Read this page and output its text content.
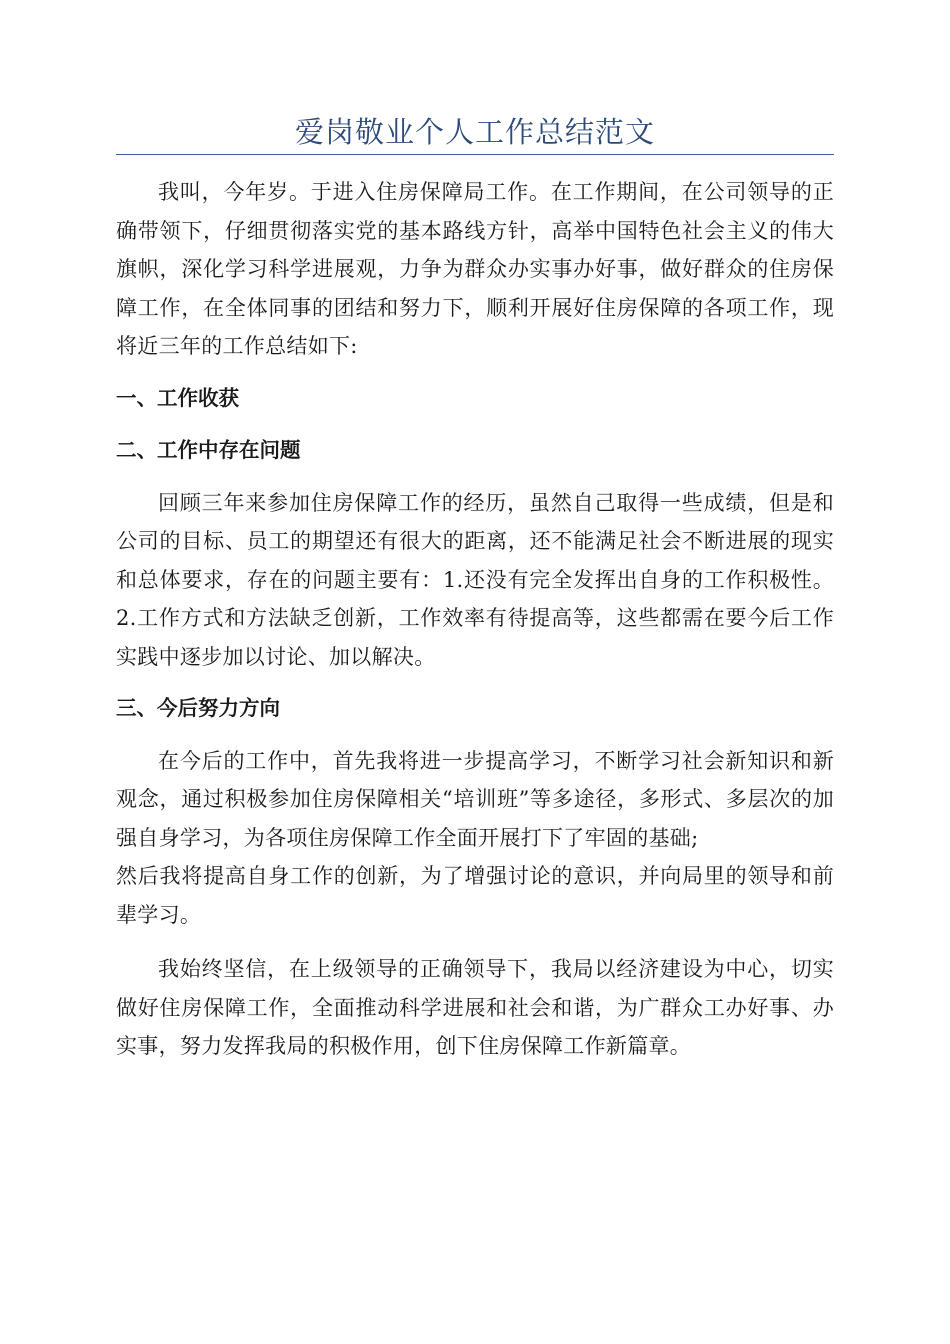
爱岗敬业个人工作总结范文

我叫，今年岁。于进入住房保障局工作。在工作期间，在公司领导的正确带领下，仔细贯彻落实党的基本路线方针，高举中国特色社会主义的伟大旗帜，深化学习科学进展观，力争为群众办实事办好事，做好群众的住房保障工作，在全体同事的团结和努力下，顺利开展好住房保障的各项工作，现将近三年的工作总结如下:

一、工作收获
二、工作中存在问题

回顾三年来参加住房保障工作的经历，虽然自己取得一些成绩，但是和公司的目标、员工的期望还有很大的距离，还不能满足社会不断进展的现实和总体要求，存在的问题主要有：1.还没有完全发挥出自身的工作积极性。2.工作方式和方法缺乏创新，工作效率有待提高等，这些都需在要今后工作实践中逐步加以讨论、加以解决。

三、今后努力方向

在今后的工作中，首先我将进一步提高学习，不断学习社会新知识和新观念，通过积极参加住房保障相关“培训班”等多途径，多形式、多层次的加强自身学习，为各项住房保障工作全面开展打下了牢固的基础;

然后我将提高自身工作的创新，为了增强讨论的意识，并向局里的领导和前辈学习。

我始终坚信，在上级领导的正确领导下，我局以经济建设为中心，切实做好住房保障工作，全面推动科学进展和社会和谐，为广群众工办好事、办实事，努力发挥我局的积极作用，创下住房保障工作新篇章。
